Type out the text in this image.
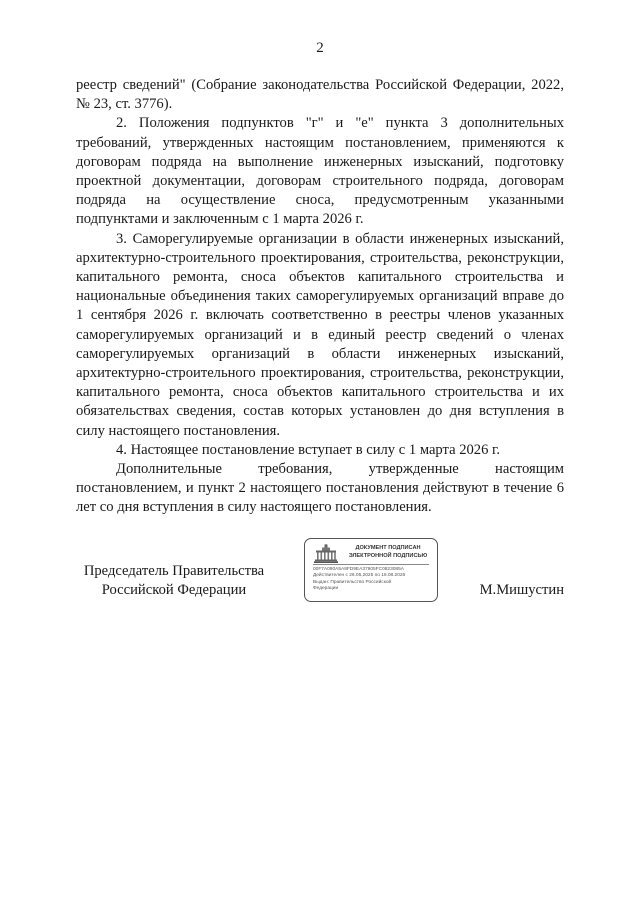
2

реестр сведений" (Собрание законодательства Российской Федерации, 2022, № 23, ст. 3776).

2. Положения подпунктов "г" и "е" пункта 3 дополнительных требований, утвержденных настоящим постановлением, применяются к договорам подряда на выполнение инженерных изысканий, подготовку проектной документации, договорам строительного подряда, договорам подряда на осуществление сноса, предусмотренным указанными подпунктами и заключенным с 1 марта 2026 г.

3. Саморегулируемые организации в области инженерных изысканий, архитектурно-строительного проектирования, строительства, реконструкции, капитального ремонта, сноса объектов капитального строительства и национальные объединения таких саморегулируемых организаций вправе до 1 сентября 2026 г. включать соответственно в реестры членов указанных саморегулируемых организаций и в единый реестр сведений о членах саморегулируемых организаций в области инженерных изысканий, архитектурно-строительного проектирования, строительства, реконструкции, капитального ремонта, сноса объектов капитального строительства и их обязательствах сведения, состав которых установлен до дня вступления в силу настоящего постановления.

4. Настоящее постановление вступает в силу с 1 марта 2026 г.

Дополнительные требования, утвержденные настоящим постановлением, и пункт 2 настоящего постановления действуют в течение 6 лет со дня вступления в силу настоящего постановления.

Председатель Правительства
Российской Федерации
ДОКУМЕНТ ПОДПИСАН
ЭЛЕКТРОННОЙ ПОДПИСЬЮ
00F7A090A5A8FD9EA37905FC0823085A
Действителен с 26.05.2025 по 19.08.2026
Выдан: Правительство Российской
Федерации	М.Мишустин
